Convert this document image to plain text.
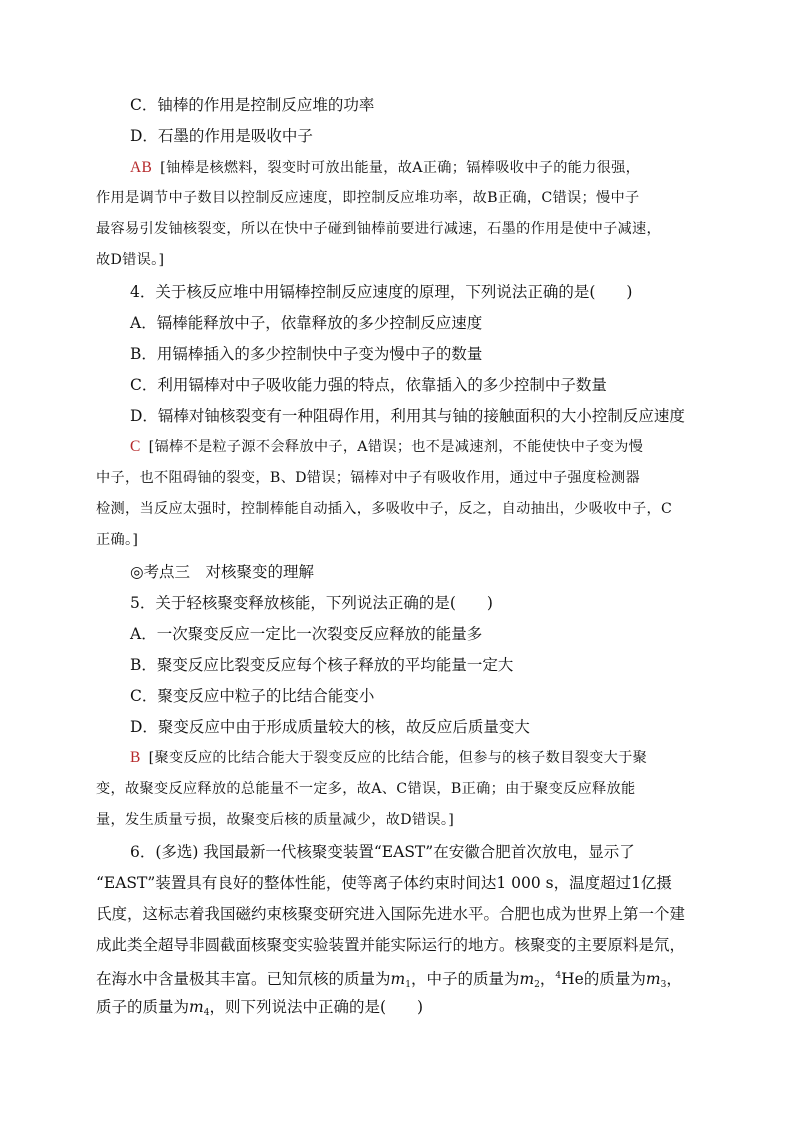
C．铀棒的作用是控制反应堆的功率
D．石墨的作用是吸收中子
AB [铀棒是核燃料，裂变时可放出能量，故A正确；镉棒吸收中子的能力很强，
作用是调节中子数目以控制反应速度，即控制反应堆功率，故B正确，C错误；慢中子
最容易引发铀核裂变，所以在快中子碰到铀棒前要进行减速，石墨的作用是使中子减速，
故D错误。]
4．关于核反应堆中用镉棒控制反应速度的原理，下列说法正确的是(　　)
A．镉棒能释放中子，依靠释放的多少控制反应速度
B．用镉棒插入的多少控制快中子变为慢中子的数量
C．利用镉棒对中子吸收能力强的特点，依靠插入的多少控制中子数量
D．镉棒对铀核裂变有一种阻碍作用，利用其与铀的接触面积的大小控制反应速度
C [镉棒不是粒子源不会释放中子，A错误；也不是减速剂，不能使快中子变为慢
中子，也不阻碍铀的裂变，B、D错误；镉棒对中子有吸收作用，通过中子强度检测器
检测，当反应太强时，控制棒能自动插入，多吸收中子，反之，自动抽出，少吸收中子，C
正确。]
◎考点三　对核聚变的理解
5．关于轻核聚变释放核能，下列说法正确的是(　　)
A．一次聚变反应一定比一次裂变反应释放的能量多
B．聚变反应比裂变反应每个核子释放的平均能量一定大
C．聚变反应中粒子的比结合能变小
D．聚变反应中由于形成质量较大的核，故反应后质量变大
B [聚变反应的比结合能大于裂变反应的比结合能，但参与的核子数目裂变大于聚
变，故聚变反应释放的总能量不一定多，故A、C错误，B正确；由于聚变反应释放能
量，发生质量亏损，故聚变后核的质量减少，故D错误。]
6．(多选) 我国最新一代核聚变装置“EAST”在安徽合肥首次放电，显示了
“EAST”装置具有良好的整体性能，使等离子体约束时间达1 000 s，温度超过1亿摄
氏度，这标志着我国磁约束核聚变研究进入国际先进水平。合肥也成为世界上第一个建
成此类全超导非圆截面核聚变实验装置并能实际运行的地方。核聚变的主要原料是氘，
在海水中含量极其丰富。已知氘核的质量为$m_1$，中子的质量为$m_2$，$^4$He的质量为$m_3$，
质子的质量为$m_4$，则下列说法中正确的是(　　)
